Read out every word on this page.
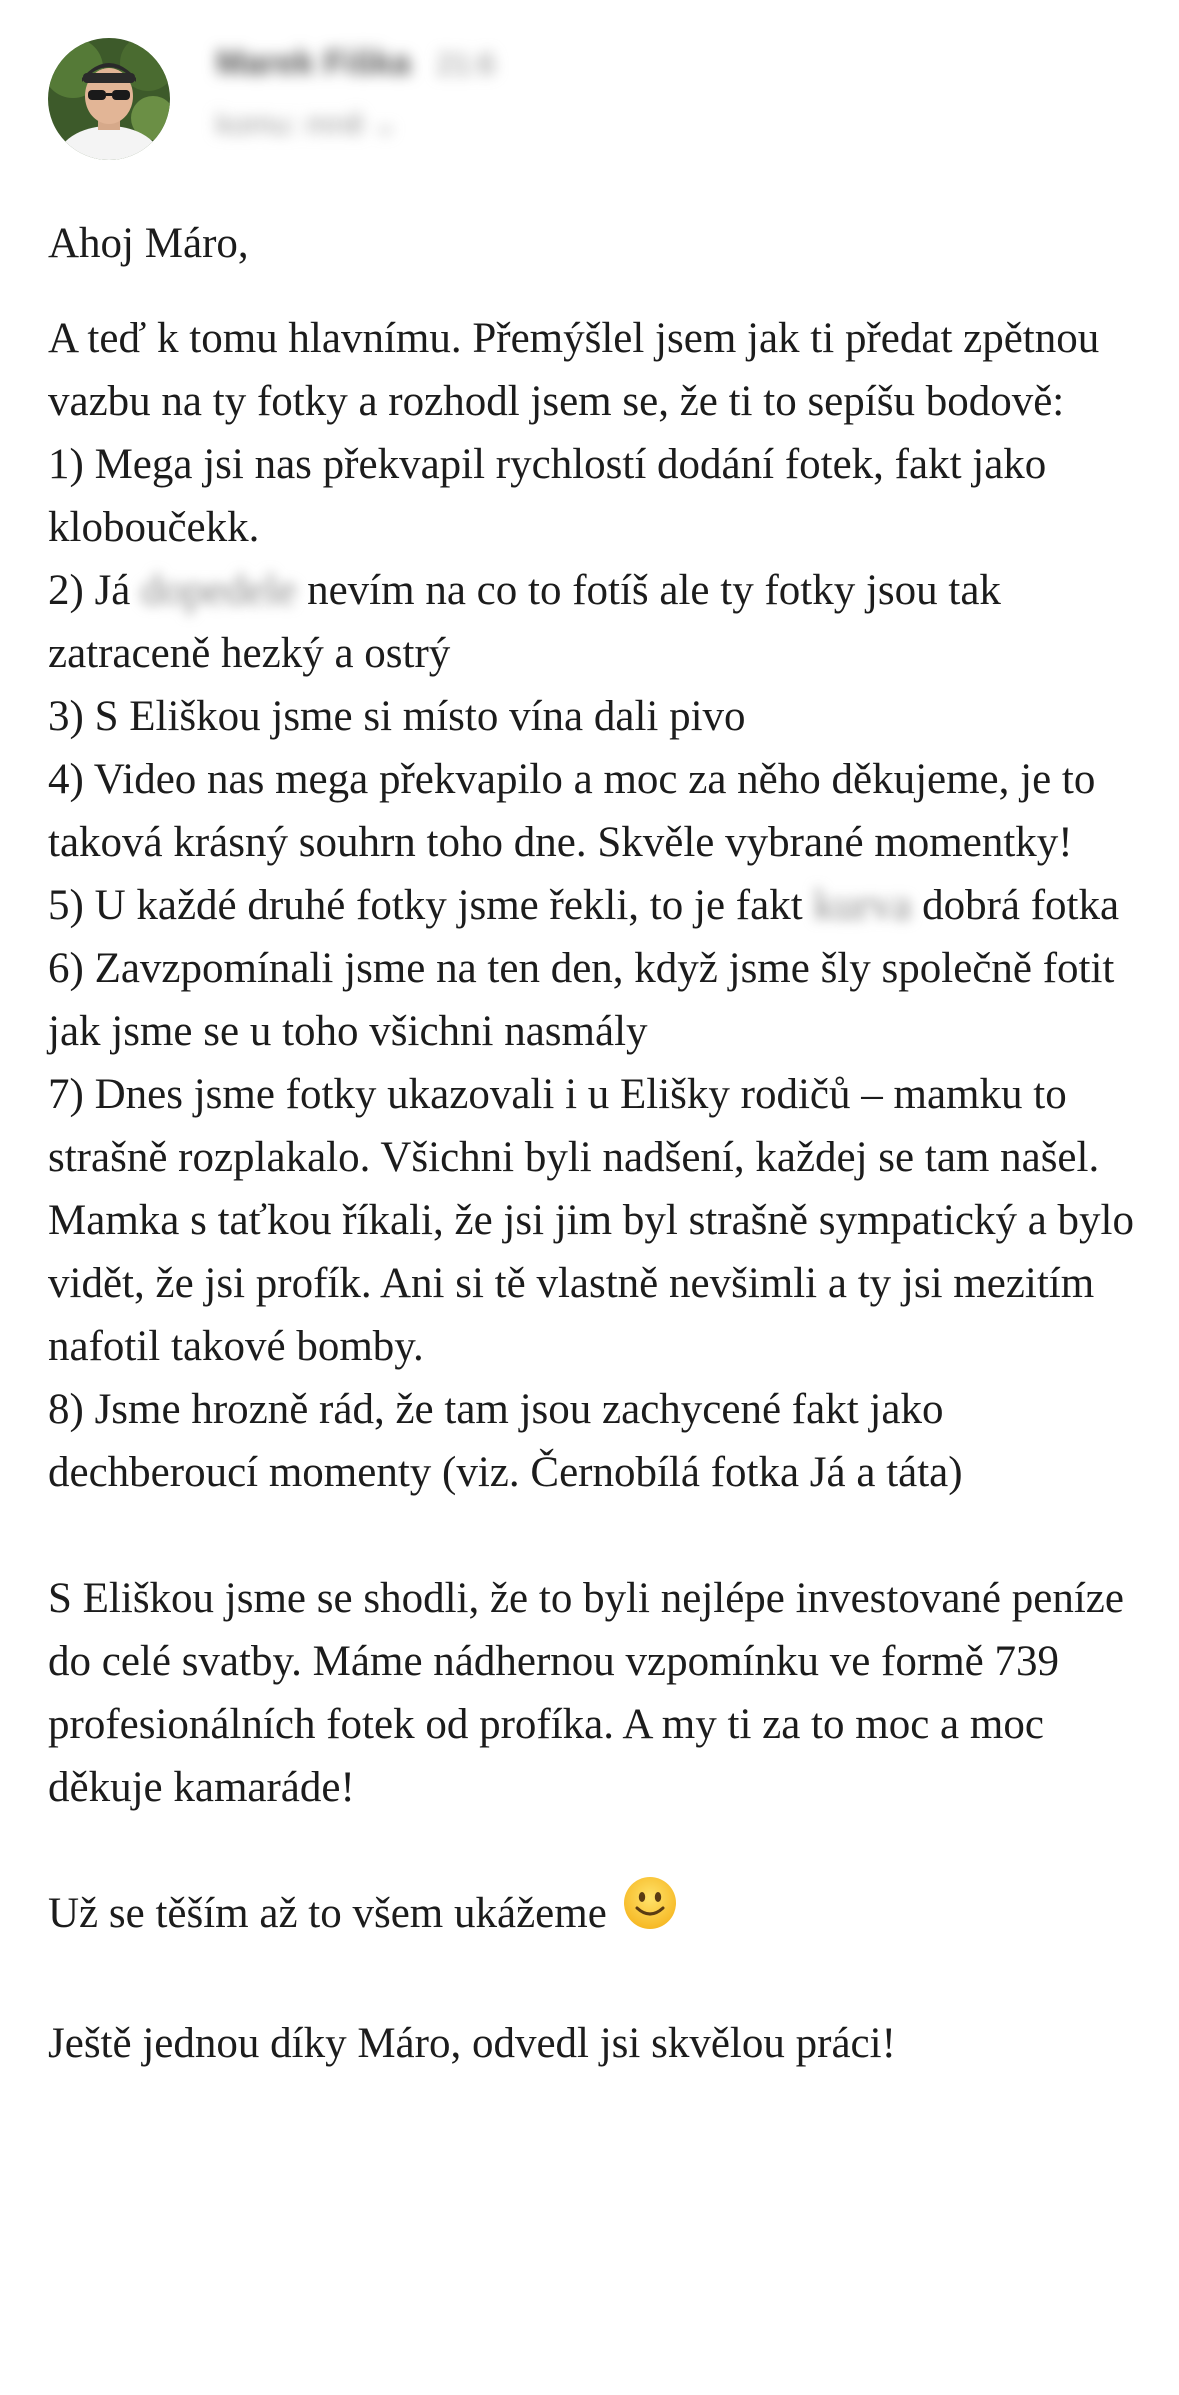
Marek Fiška 21:6
komu: mně ⌄

Ahoj Máro,

A teď k tomu hlavnímu. Přemýšlel jsem jak ti předat zpětnou vazbu na ty fotky a rozhodl jsem se, že ti to sepíšu bodově:

1) Mega jsi nas překvapil rychlostí dodání fotek, fakt jako kloboučekk.

2) Já dopedele nevím na co to fotíš ale ty fotky jsou tak zatraceně hezký a ostrý

3) S Eliškou jsme si místo vína dali pivo

4) Video nas mega překvapilo a moc za něho děkujeme, je to taková krásný souhrn toho dne. Skvěle vybrané momentky!

5) U každé druhé fotky jsme řekli, to je fakt kurva dobrá fotka

6) Zavzpomínali jsme na ten den, když jsme šly společně fotit jak jsme se u toho všichni nasmály

7) Dnes jsme fotky ukazovali i u Elišky rodičů – mamku to strašně rozplakalo. Všichni byli nadšení, každej se tam našel. Mamka s taťkou říkali, že jsi jim byl strašně sympatický a bylo vidět, že jsi profík. Ani si tě vlastně nevšimli a ty jsi mezitím nafotil takové bomby.

8) Jsme hrozně rád, že tam jsou zachycené fakt jako dechberoucí momenty (viz. Černobílá fotka Já a táta)

S Eliškou jsme se shodli, že to byli nejlépe investované peníze do celé svatby. Máme nádhernou vzpomínku ve formě 739 profesionálních fotek od profíka. A my ti za to moc a moc děkuje kamaráde!

Už se těším až to všem ukážeme

Ještě jednou díky Máro, odvedl jsi skvělou práci!
